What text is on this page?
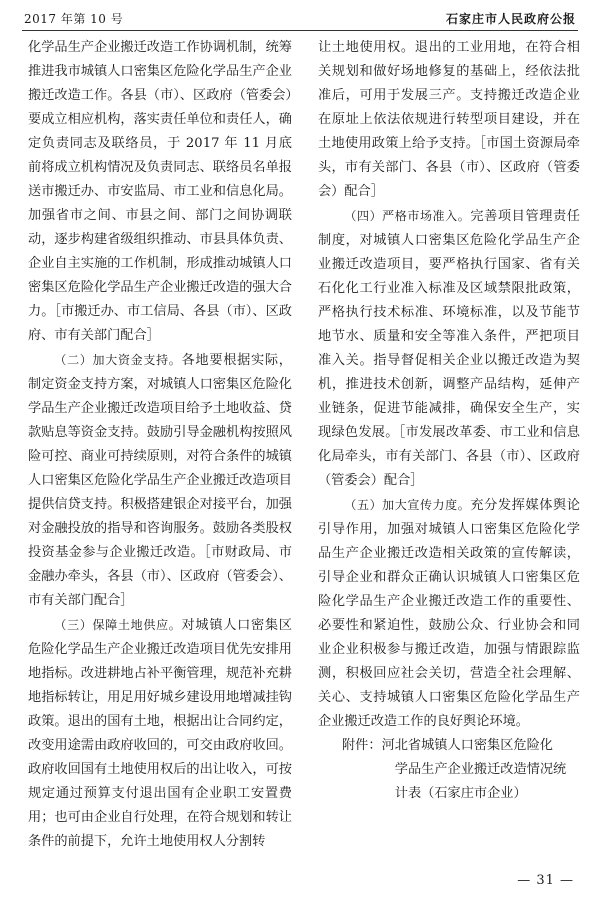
2017 年第 10 号	石家庄市人民政府公报

化学品生产企业搬迁改造工作协调机制，统筹推进我市城镇人口密集区危险化学品生产企业搬迁改造工作。各县（市）、区政府（管委会）要成立相应机构，落实责任单位和责任人，确定负责同志及联络员，于 2017 年 11 月底前将成立机构情况及负责同志、联络员名单报送市搬迁办、市安监局、市工业和信息化局。加强省市之间、市县之间、部门之间协调联动，逐步构建省级组织推动、市县具体负责、企业自主实施的工作机制，形成推动城镇人口密集区危险化学品生产企业搬迁改造的强大合力。［市搬迁办、市工信局、各县（市）、区政府、市有关部门配合］

（二）加大资金支持。各地要根据实际，制定资金支持方案，对城镇人口密集区危险化学品生产企业搬迁改造项目给予土地收益、贷款贴息等资金支持。鼓励引导金融机构按照风险可控、商业可持续原则，对符合条件的城镇人口密集区危险化学品生产企业搬迁改造项目提供信贷支持。积极搭建银企对接平台，加强对金融投放的指导和咨询服务。鼓励各类股权投资基金参与企业搬迁改造。［市财政局、市金融办牵头，各县（市）、区政府（管委会）、市有关部门配合］

（三）保障土地供应。对城镇人口密集区危险化学品生产企业搬迁改造项目优先安排用地指标。改进耕地占补平衡管理，规范补充耕地指标转让，用足用好城乡建设用地增减挂钩政策。退出的国有土地，根据出让合同约定，改变用途需由政府收回的，可交由政府收回。政府收回国有土地使用权后的出让收入，可按规定通过预算支付退出国有企业职工安置费用；也可由企业自行处理，在符合规划和转让条件的前提下，允许土地使用权人分割转

让土地使用权。退出的工业用地，在符合相关规划和做好场地修复的基础上，经依法批准后，可用于发展三产。支持搬迁改造企业在原址上依法依规进行转型项目建设，并在土地使用政策上给予支持。［市国土资源局牵头，市有关部门、各县（市）、区政府（管委会）配合］

（四）严格市场准入。完善项目管理责任制度，对城镇人口密集区危险化学品生产企业搬迁改造项目，要严格执行国家、省有关石化化工行业准入标准及区域禁限批政策，严格执行技术标准、环境标准，以及节能节地节水、质量和安全等准入条件，严把项目准入关。指导督促相关企业以搬迁改造为契机，推进技术创新，调整产品结构，延伸产业链条，促进节能减排，确保安全生产，实现绿色发展。［市发展改革委、市工业和信息化局牵头，市有关部门、各县（市）、区政府（管委会）配合］

（五）加大宣传力度。充分发挥媒体舆论引导作用，加强对城镇人口密集区危险化学品生产企业搬迁改造相关政策的宣传解读，引导企业和群众正确认识城镇人口密集区危险化学品生产企业搬迁改造工作的重要性、必要性和紧迫性，鼓励公众、行业协会和同业企业积极参与搬迁改造，加强与情跟踪监测，积极回应社会关切，营造全社会理解、关心、支持城镇人口密集区危险化学品生产企业搬迁改造工作的良好舆论环境。

附件：河北省城镇人口密集区危险化
学品生产企业搬迁改造情况统
计表（石家庄市企业）

— 31 —
